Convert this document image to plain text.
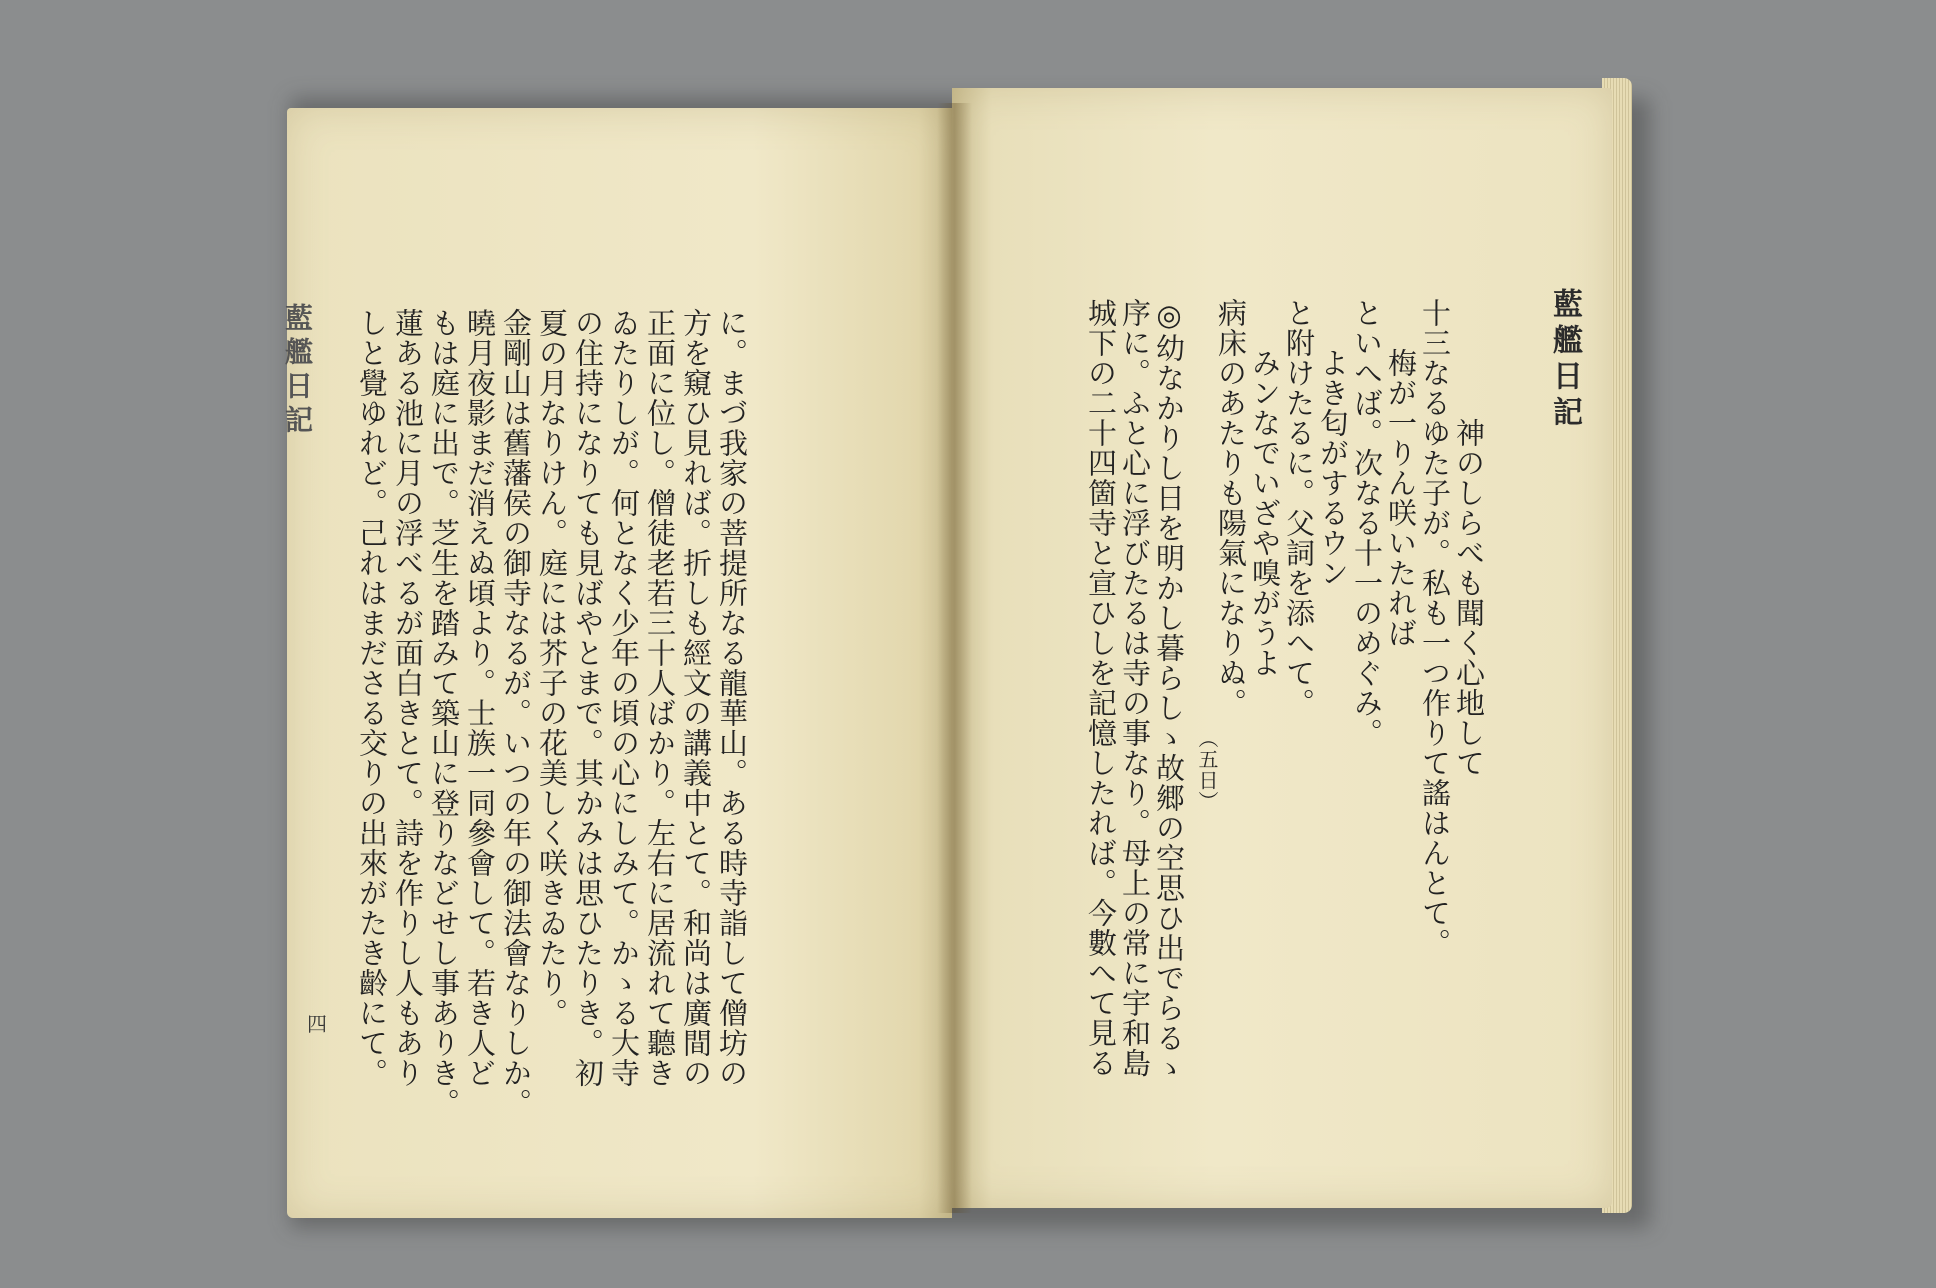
藍艦日記
四	に。まづ我家の菩提所なる龍華山。ある時寺詣して僧坊の
方を窺ひ見れば。折しも經文の講義中とて。和尚は廣間の
正面に位し。僧徒老若三十人ばかり。左右に居流れて聽き
ゐたりしが。何となく少年の頃の心にしみて。かゝる大寺
の住持になりても見ばやとまで。其かみは思ひたりき。初
夏の月なりけん。庭には芥子の花美しく咲きゐたり。
金剛山は舊藩侯の御寺なるが。いつの年の御法會なりしか。
曉月夜影まだ消えぬ頃より。士族一同參會して。若き人ど
もは庭に出で。芝生を踏みて築山に登りなどせし事ありき。
蓮ある池に月の浮べるが面白きとて。詩を作りし人もあり
しと覺ゆれど。己れはまださる交りの出來がたき齡にて。	藍艦日記
神のしらべも聞く心地して
十三なるゆた子が。私も一つ作りて謠はんとて。
梅が一りん咲いたれば
といへば。次なる十一のめぐみ。
よき匂がするウン
と附けたるに。父詞を添へて。
みンなでいざや嗅がうよ
病床のあたりも陽氣になりぬ。
（五日）
◎幼なかりし日を明かし暮らしゝ故郷の空思ひ出でらるゝ
序に。ふと心に浮びたるは寺の事なり。母上の常に宇和島
城下の二十四箇寺と宣ひしを記憶したれば。今數へて見る
